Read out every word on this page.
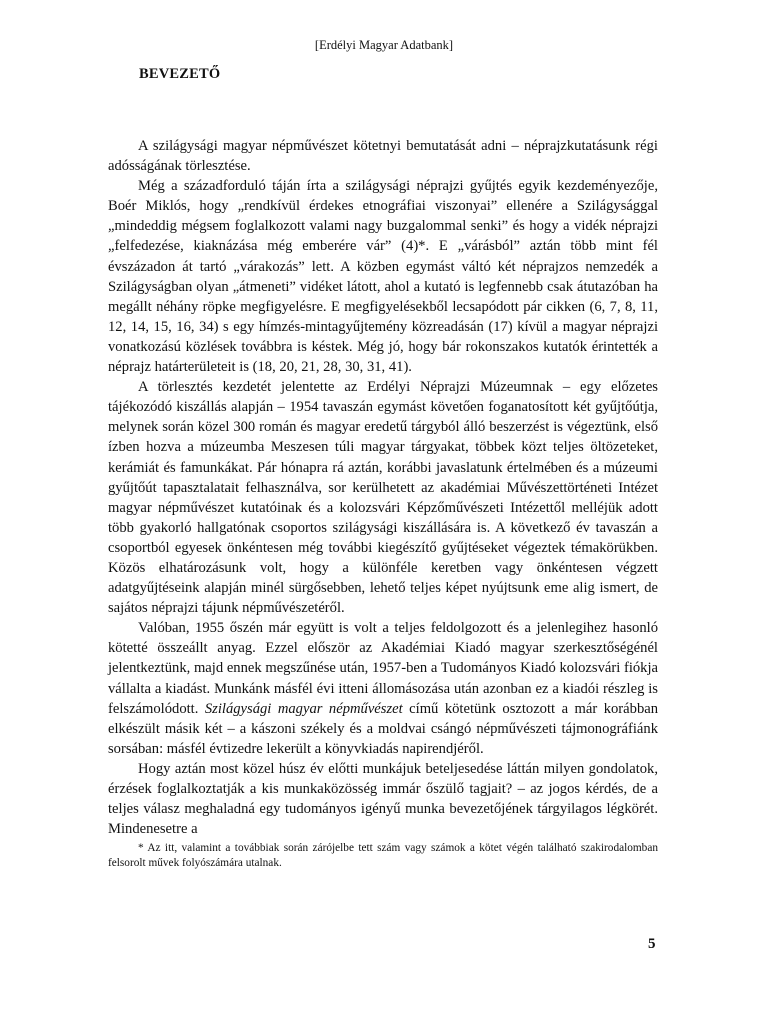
[Erdélyi Magyar Adatbank]
BEVEZETŐ

A szilágysági magyar népművészet kötetnyi bemutatását adni – néprajzkutatásunk régi adósságának törlesztése.

Még a századforduló táján írta a szilágysági néprajzi gyűjtés egyik kezdeményezője, Boér Miklós, hogy „rendkívül érdekes etnográfiai viszonyai” ellenére a Szilágysággal „mindeddig mégsem foglalkozott valami nagy buzgalommal senki” és hogy a vidék néprajzi „felfedezése, kiaknázása még emberére vár” (4)*. E „várásból” aztán több mint fél évszázadon át tartó „várakozás” lett. A közben egymást váltó két néprajzos nemzedék a Szilágyságban olyan „átmeneti” vidéket látott, ahol a kutató is legfennebb csak átutazóban ha megállt néhány röpke megfigyelésre. E megfigyelésekből lecsapódott pár cikken (6, 7, 8, 11, 12, 14, 15, 16, 34) s egy hímzés-mintagyűjtemény közreadásán (17) kívül a magyar néprajzi vonatkozású közlések továbbra is késtek. Még jó, hogy bár rokonszakos kutatók érintették a néprajz határterületeit is (18, 20, 21, 28, 30, 31, 41).

A törlesztés kezdetét jelentette az Erdélyi Néprajzi Múzeumnak – egy előzetes tájékozódó kiszállás alapján – 1954 tavaszán egymást követően foganatosított két gyűjtőútja, melynek során közel 300 román és magyar eredetű tárgyból álló beszerzést is végeztünk, első ízben hozva a múzeumba Meszesen túli magyar tárgyakat, többek közt teljes öltözeteket, kerámiát és famunkákat. Pár hónapra rá aztán, korábbi javaslatunk értelmében és a múzeumi gyűjtőút tapasztalatait felhasználva, sor kerülhetett az akadémiai Művészettörténeti Intézet magyar népművészet kutatóinak és a kolozsvári Képzőművészeti Intézettől melléjük adott több gyakorló hallgatónak csoportos szilágysági kiszállására is. A következő év tavaszán a csoportból egyesek önkéntesen még további kiegészítő gyűjtéseket végeztek témakörükben. Közös elhatározásunk volt, hogy a különféle keretben vagy önkéntesen végzett adatgyűjtéseink alapján minél sürgősebben, lehető teljes képet nyújtsunk eme alig ismert, de sajátos néprajzi tájunk népművészetéről.

Valóban, 1955 őszén már együtt is volt a teljes feldolgozott és a jelenlegihez hasonló kötetté összeállt anyag. Ezzel először az Akadémiai Kiadó magyar szerkesztőségénél jelentkeztünk, majd ennek megszűnése után, 1957-ben a Tudományos Kiadó kolozsvári fiókja vállalta a kiadást. Munkánk másfél évi itteni állomásozása után azonban ez a kiadói részleg is felszámolódott. Szilágysági magyar népművészet című kötetünk osztozott a már korábban elkészült másik két – a kászoni székely és a moldvai csángó népművészeti tájmonográfiánk sorsában: másfél évtizedre lekerült a könyvkiadás napirendjéről.

Hogy aztán most közel húsz év előtti munkájuk beteljesedése láttán milyen gondolatok, érzések foglalkoztatják a kis munkaközösség immár őszülő tagjait? – az jogos kérdés, de a teljes válasz meghaladná egy tudományos igényű munka bevezetőjének tárgyilagos légkörét. Mindenesetre a

* Az itt, valamint a továbbiak során zárójelbe tett szám vagy számok a kötet végén található szakirodalomban felsorolt művek folyószámára utalnak.

5
